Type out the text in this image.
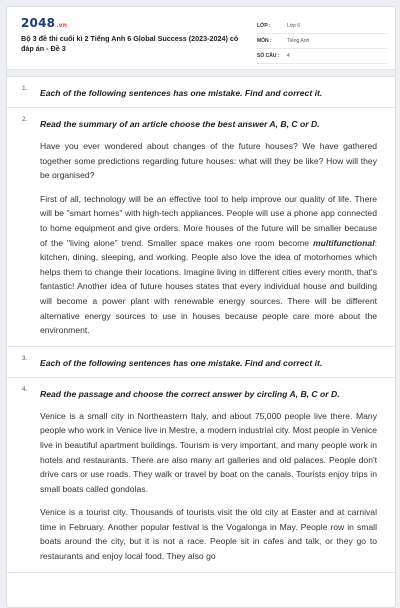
2048.vn
Bộ 3 đề thi cuối kì 2 Tiếng Anh 6 Global Success (2023-2024) có đáp án - Đề 3
LỚP :	Lớp 6
MÔN :	Tiếng Anh
SỐ CÂU :	4
1. Each of the following sentences has one mistake. Find and correct it.
2. Read the summary of an article choose the best answer A, B, C or D.

Have you ever wondered about changes of the future houses? We have gathered together some predictions regarding future houses: what will they be like? How will they be organised?

First of all, technology will be an effective tool to help improve our quality of life. There will be "smart homes" with high-tech appliances. People will use a phone app connected to home equipment and give orders. More houses of the future will be smaller because of the "living alone" trend. Smaller space makes one room become multifunctional: kitchen, dining, sleeping, and working. People also love the idea of motorhomes which helps them to change their locations. Imagine living in different cities every month, that's fantastic! Another idea of future houses states that every individual house and building will become a power plant with renewable energy sources. There will be different alternative energy sources to use in houses because people care more about the environment.

3. Each of the following sentences has one mistake. Find and correct it.
4. Read the passage and choose the correct answer by circling A, B, C or D.

Venice is a small city in Northeastern Italy, and about 75,000 people live there. Many people who work in Venice live in Mestre, a modern industrial city. Most people in Venice live in beautiful apartment buildings. Tourism is very important, and many people work in hotels and restaurants. There are also many art galleries and old palaces. People don't drive cars or use roads. They walk or travel by boat on the canals. Tourists enjoy trips in small boats called gondolas.

Venice is a tourist city. Thousands of tourists visit the old city at Easter and at carnival time in February. Another popular festival is the Vogalonga in May. People row in small boats around the city, but it is not a race. People sit in cafes and talk, or they go to restaurants and enjoy local food. They also go
